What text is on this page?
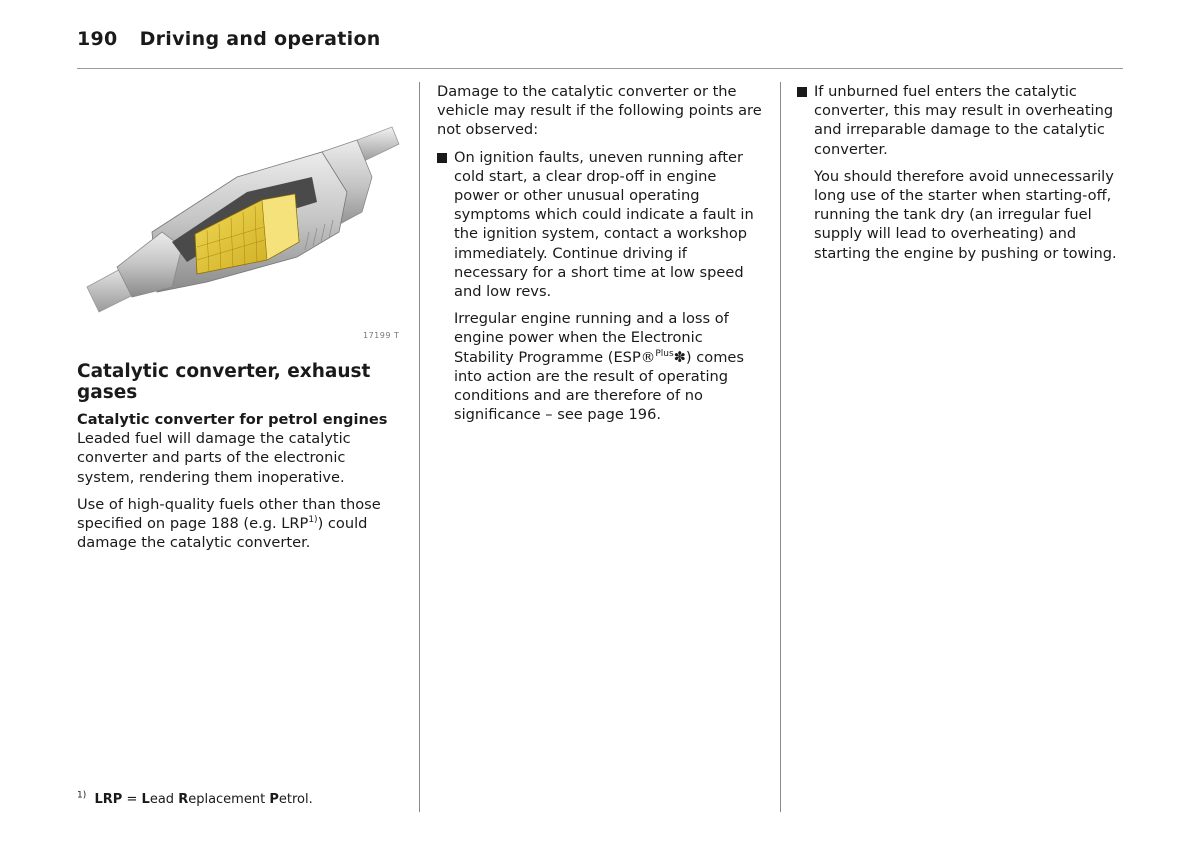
190 Driving and operation
17199 T
Catalytic converter, exhaust gases

Catalytic converter for petrol engines
Leaded fuel will damage the catalytic converter and parts of the electronic system, rendering them inoperative.

Use of high-quality fuels other than those specified on page 188 (e.g. LRP$^{1)}$) could damage the catalytic converter.

Damage to the catalytic converter or the vehicle may result if the following points are not observed:

On ignition faults, uneven running after cold start, a clear drop-off in engine power or other unusual operating symptoms which could indicate a fault in the ignition system, contact a workshop immediately. Continue driving if necessary for a short time at low speed and low revs.

Irregular engine running and a loss of engine power when the Electronic Stability Programme (ESP®$^{Plus}$✽) comes into action are the result of operating conditions and are therefore of no significance – see page 196.

If unburned fuel enters the catalytic converter, this may result in overheating and irreparable damage to the catalytic converter.

You should therefore avoid unnecessarily long use of the starter when starting-off, running the tank dry (an irregular fuel supply will lead to overheating) and starting the engine by pushing or towing.

$^{1)}$ LRP = Lead Replacement Petrol.
